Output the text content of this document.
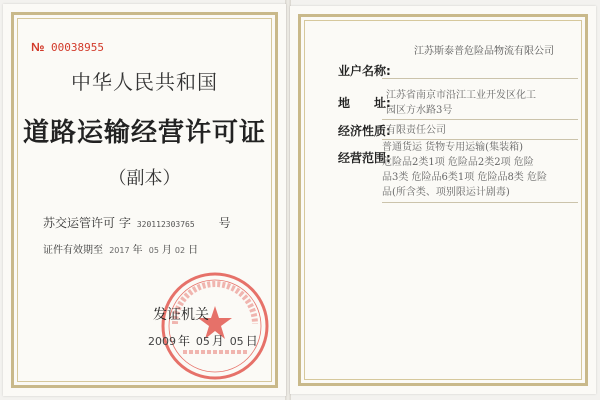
№ 00038955
中华人民共和国
道路运输经营许可证
（副本）
苏交运管许可 字 320112303765 号
证件有效期至 2017 年 05 月 02 日
发证机关
2009 年 05 月 05 日
江苏斯泰普危险品物流有限公司
业户名称:
地　　址:
江苏省南京市沿江工业开发区化工
园区方水路3号
经济性质:
有限责任公司
经营范围:
普通货运 货物专用运输(集装箱)
危险品2类1项 危险品2类2项 危险
品3类 危险品6类1项 危险品8类 危险
品(所含类、项别限运计剧毒)
